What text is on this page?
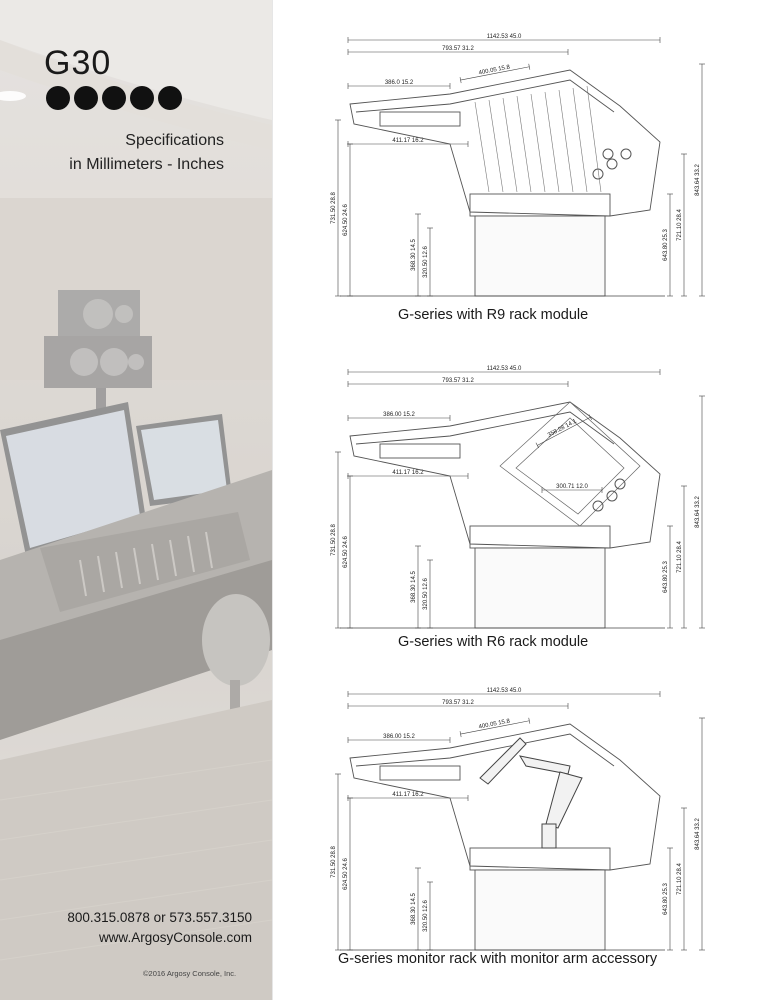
G30
Specifications
in Millimeters - Inches
800.315.0878 or 573.557.3150
www.ArgosyConsole.com
©2016 Argosy Console, Inc.
1142.53 45.0
793.57 31.2
386.0 15.2
411.17 16.2
400.05 15.8
731.50 28.8 624.50 24.6
368.30 14.5 320.50 12.6
643.80 25.3
721.10 28.4
843.64 33.2
G-series with R9 rack module
1142.53 45.0
793.57 31.2
386.00 15.2
411.17 16.2
358.28 14.1
300.71 12.0
731.50 28.8 624.50 24.6
368.30 14.5 320.50 12.6
643.80 25.3
721.10 28.4
843.64 33.2
G-series with R6 rack module
1142.53 45.0
793.57 31.2
386.00 15.2
411.17 16.2
400.05 15.8
731.50 28.8 624.50 24.6
368.30 14.5 320.50 12.6
643.80 25.3
721.10 28.4
843.64 33.2
G-series monitor rack with monitor arm accessory
